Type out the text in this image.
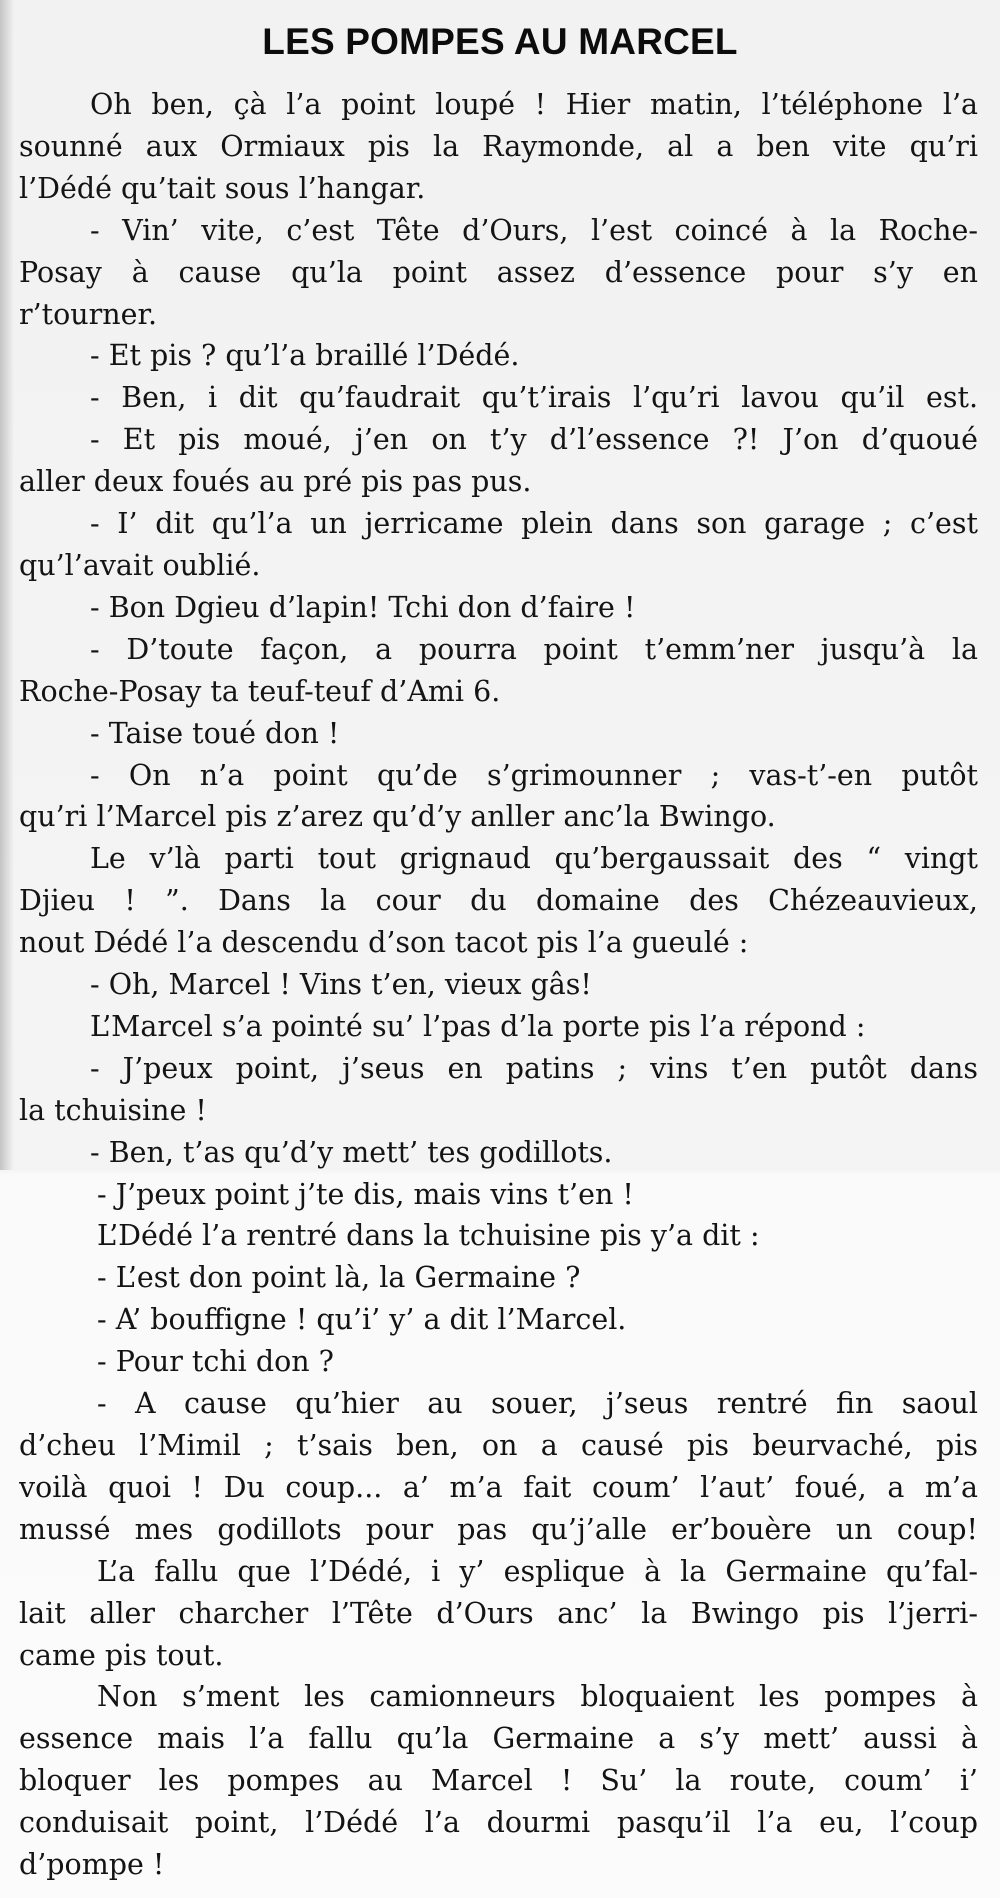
LES POMPES AU MARCEL
Oh ben, çà l’a point loupé ! Hier matin, l’téléphone l’a
sounné aux Ormiaux pis la Raymonde, al a ben vite qu’ri
l’Dédé qu’tait sous l’hangar.
- Vin’ vite, c’est Tête d’Ours, l’est coincé à la Roche-
Posay à cause qu’la point assez d’essence pour s’y en
r’tourner.
- Et pis ? qu’l’a braillé l’Dédé.
- Ben, i dit qu’faudrait qu’t’irais l’qu’ri lavou qu’il est.
- Et pis moué, j’en on t’y d’l’essence ?! J’on d’quoué
aller deux foués au pré pis pas pus.
- I’ dit qu’l’a un jerricame plein dans son garage ; c’est
qu’l’avait oublié.
- Bon Dgieu d’lapin! Tchi don d’faire !
- D’toute façon, a pourra point t’emm’ner jusqu’à la
Roche-Posay ta teuf-teuf d’Ami 6.
- Taise toué don !
- On n’a point qu’de s’grimounner ; vas-t’-en putôt
qu’ri l’Marcel pis z’arez qu’d’y anller anc’la Bwingo.
Le v’là parti tout grignaud qu’bergaussait des “ vingt
Djieu ! ”. Dans la cour du domaine des Chézeauvieux,
nout Dédé l’a descendu d’son tacot pis l’a gueulé :
- Oh, Marcel ! Vins t’en, vieux gâs!
L’Marcel s’a pointé su’ l’pas d’la porte pis l’a répond :
- J’peux point, j’seus en patins ; vins t’en putôt dans
la tchuisine !
- Ben, t’as qu’d’y mett’ tes godillots.
- J’peux point j’te dis, mais vins t’en !
L’Dédé l’a rentré dans la tchuisine pis y’a dit :
- L’est don point là, la Germaine ?
- A’ bouffigne ! qu’i’ y’ a dit l’Marcel.
- Pour tchi don ?
- A cause qu’hier au souer, j’seus rentré fin saoul
d’cheu l’Mimil ; t’sais ben, on a causé pis beurvaché, pis
voilà quoi ! Du coup... a’ m’a fait coum’ l’aut’ foué, a m’a
mussé mes godillots pour pas qu’j’alle er’bouère un coup!
L’a fallu que l’Dédé, i y’ esplique à la Germaine qu’fal-
lait aller charcher l’Tête d’Ours anc’ la Bwingo pis l’jerri-
came pis tout.
Non s’ment les camionneurs bloquaient les pompes à
essence mais l’a fallu qu’la Germaine a s’y mett’ aussi à
bloquer les pompes au Marcel ! Su’ la route, coum’ i’
conduisait point, l’Dédé l’a dourmi pasqu’il l’a eu, l’coup
d’pompe !
